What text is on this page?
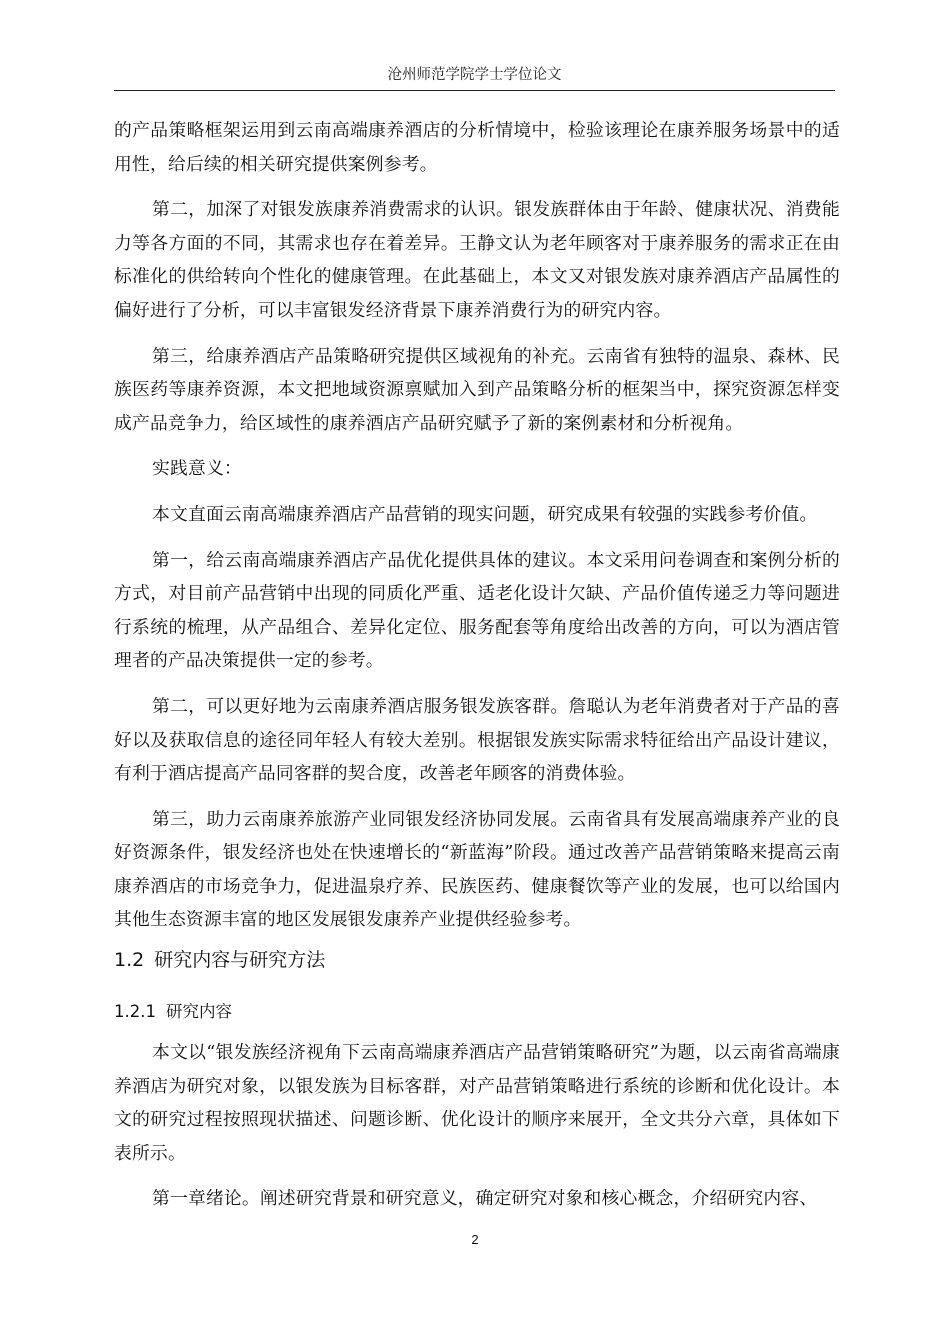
沧州师范学院学士学位论文

的产品策略框架运用到云南高端康养酒店的分析情境中，检验该理论在康养服务场景中的适用性，给后续的相关研究提供案例参考。

第二，加深了对银发族康养消费需求的认识。银发族群体由于年龄、健康状况、消费能力等各方面的不同，其需求也存在着差异。王静文认为老年顾客对于康养服务的需求正在由标准化的供给转向个性化的健康管理。在此基础上，本文又对银发族对康养酒店产品属性的偏好进行了分析，可以丰富银发经济背景下康养消费行为的研究内容。

第三，给康养酒店产品策略研究提供区域视角的补充。云南省有独特的温泉、森林、民族医药等康养资源，本文把地域资源禀赋加入到产品策略分析的框架当中，探究资源怎样变成产品竞争力，给区域性的康养酒店产品研究赋予了新的案例素材和分析视角。

实践意义：

本文直面云南高端康养酒店产品营销的现实问题，研究成果有较强的实践参考价值。

第一，给云南高端康养酒店产品优化提供具体的建议。本文采用问卷调查和案例分析的方式，对目前产品营销中出现的同质化严重、适老化设计欠缺、产品价值传递乏力等问题进行系统的梳理，从产品组合、差异化定位、服务配套等角度给出改善的方向，可以为酒店管理者的产品决策提供一定的参考。

第二，可以更好地为云南康养酒店服务银发族客群。詹聪认为老年消费者对于产品的喜好以及获取信息的途径同年轻人有较大差别。根据银发族实际需求特征给出产品设计建议，有利于酒店提高产品同客群的契合度，改善老年顾客的消费体验。

第三，助力云南康养旅游产业同银发经济协同发展。云南省具有发展高端康养产业的良好资源条件，银发经济也处在快速增长的“新蓝海”阶段。通过改善产品营销策略来提高云南康养酒店的市场竞争力，促进温泉疗养、民族医药、健康餐饮等产业的发展，也可以给国内其他生态资源丰富的地区发展银发康养产业提供经验参考。

1.2 研究内容与研究方法
1.2.1 研究内容

本文以“银发族经济视角下云南高端康养酒店产品营销策略研究”为题，以云南省高端康养酒店为研究对象，以银发族为目标客群，对产品营销策略进行系统的诊断和优化设计。本文的研究过程按照现状描述、问题诊断、优化设计的顺序来展开，全文共分六章，具体如下表所示。

第一章绪论。阐述研究背景和研究意义，确定研究对象和核心概念，介绍研究内容、

2
